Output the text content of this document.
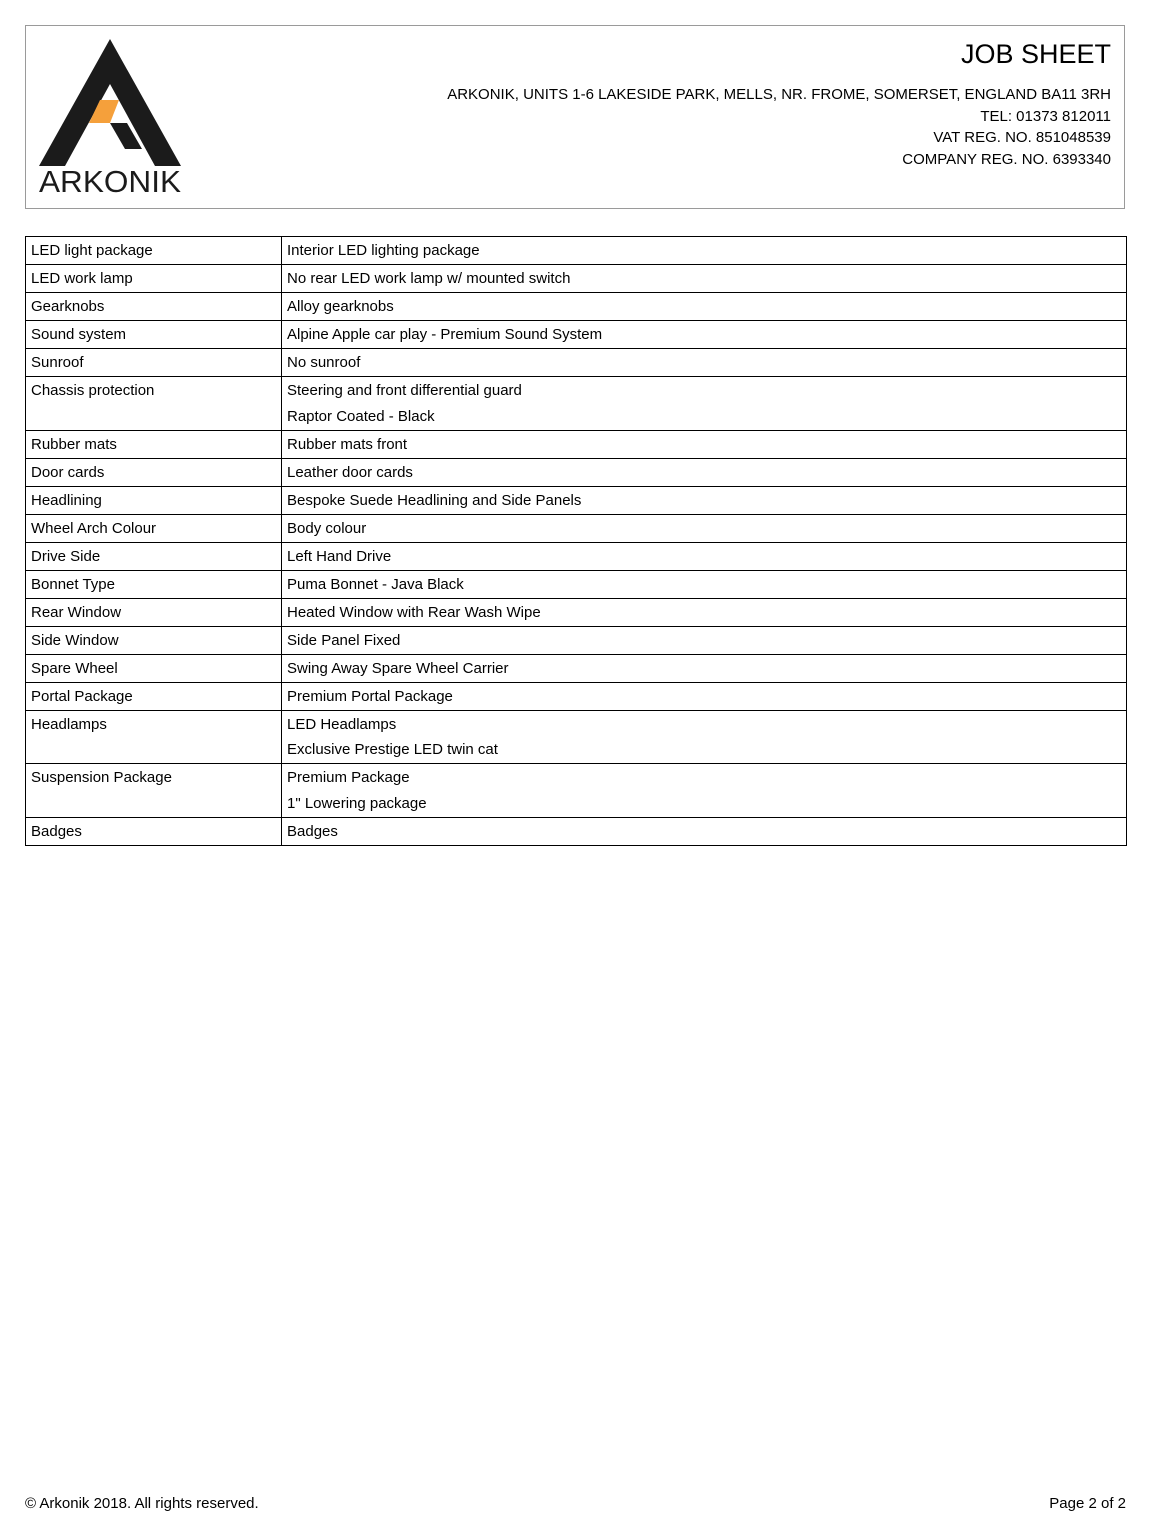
ARKONIK
JOB SHEET
ARKONIK, UNITS 1-6 LAKESIDE PARK, MELLS, NR. FROME, SOMERSET, ENGLAND BA11 3RH
TEL: 01373 812011
VAT REG. NO. 851048539
COMPANY REG. NO. 6393340
LED light package	Interior LED lighting package

LED work lamp	No rear LED work lamp w/ mounted switch

Gearknobs	Alloy gearknobs

Sound system	Alpine Apple car play - Premium Sound System

Sunroof	No sunroof

Chassis protection	Steering and front differential guard
Raptor Coated - Black

Rubber mats	Rubber mats front

Door cards	Leather door cards

Headlining	Bespoke Suede Headlining and Side Panels

Wheel Arch Colour	Body colour

Drive Side	Left Hand Drive

Bonnet Type	Puma Bonnet - Java Black

Rear Window	Heated Window with Rear Wash Wipe

Side Window	Side Panel Fixed

Spare Wheel	Swing Away Spare Wheel Carrier

Portal Package	Premium Portal Package

Headlamps	LED Headlamps
Exclusive Prestige LED twin cat

Suspension Package	Premium Package
1" Lowering package

Badges	Badges
© Arkonik 2018. All rights reserved.	Page 2 of 2
